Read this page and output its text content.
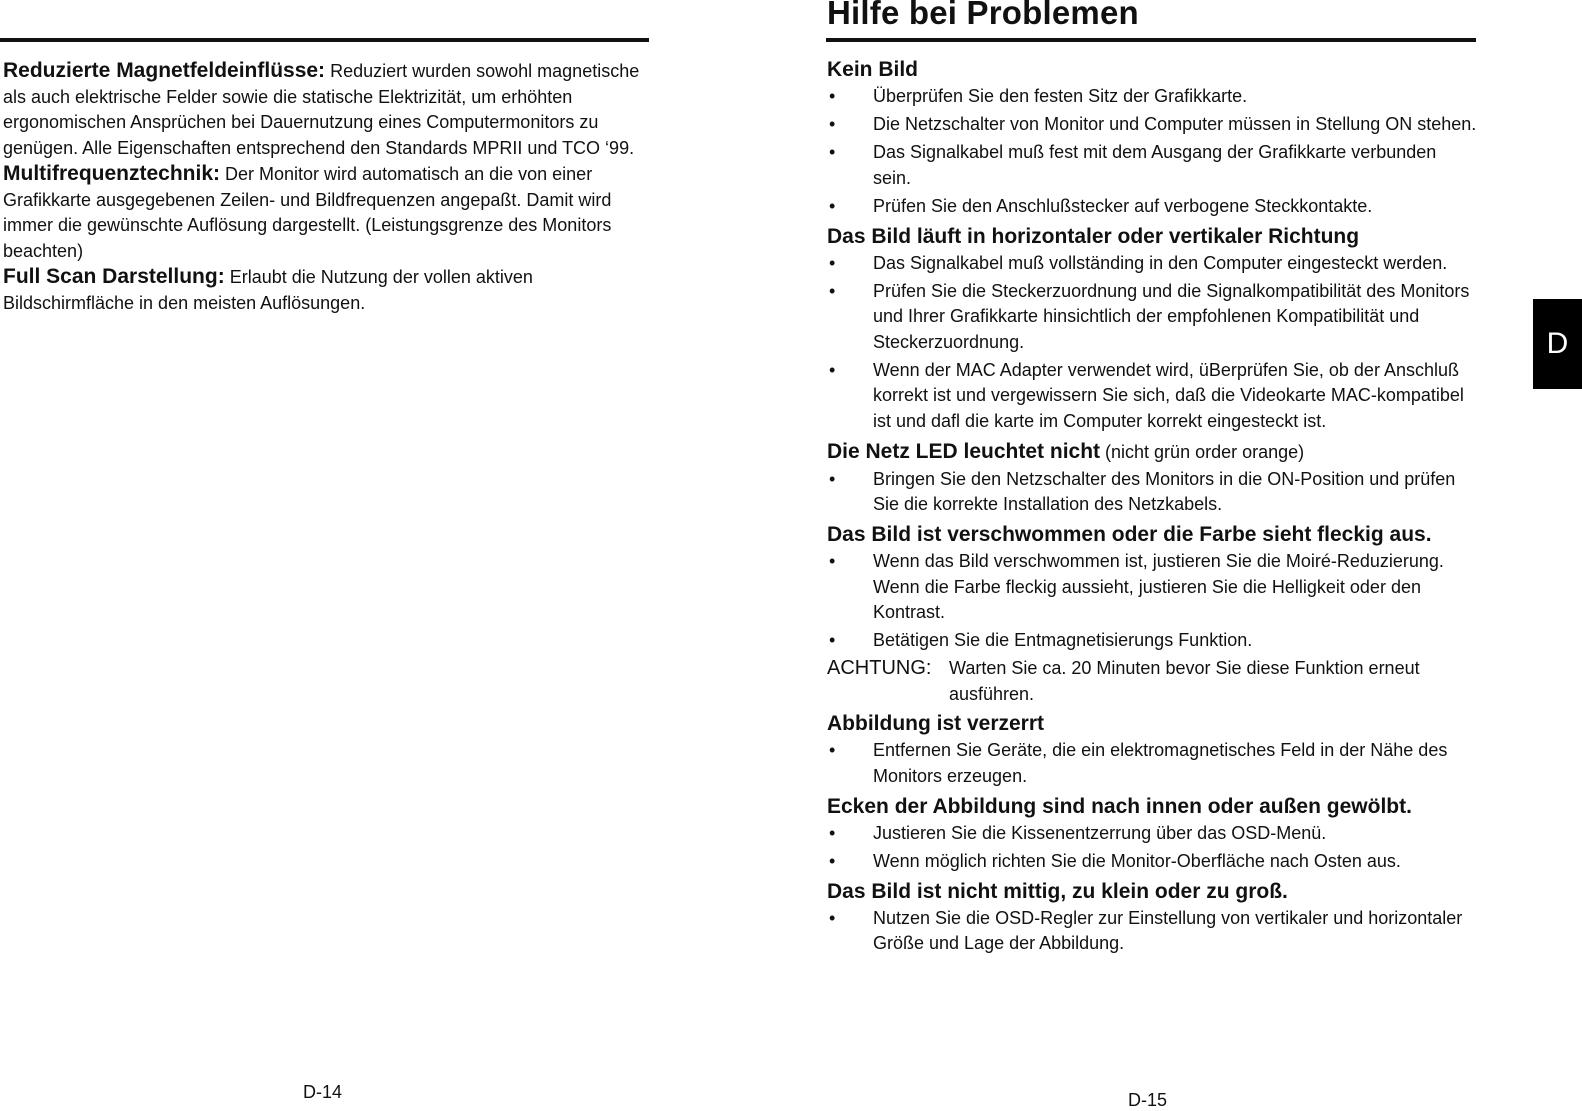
Reduzierte Magnetfeldeinflüsse: Reduziert wurden sowohl magnetische als auch elektrische Felder sowie die statische Elektrizität, um erhöhten ergonomischen Ansprüchen bei Dauernutzung eines Computermonitors zu genügen. Alle Eigenschaften entsprechend den Standards MPRII und TCO ‘99.

Multifrequenztechnik: Der Monitor wird automatisch an die von einer Grafikkarte ausgegebenen Zeilen- und Bildfrequenzen angepaßt. Damit wird immer die gewünschte Auflösung dargestellt. (Leistungsgrenze des Monitors beachten)

Full Scan Darstellung: Erlaubt die Nutzung der vollen aktiven Bildschirmfläche in den meisten Auflösungen.

D-14
Hilfe bei Problemen

Kein Bild

• Überprüfen Sie den festen Sitz der Grafikkarte.
• Die Netzschalter von Monitor und Computer müssen in Stellung ON stehen.
• Das Signalkabel muß fest mit dem Ausgang der Grafikkarte verbunden sein.
• Prüfen Sie den Anschlußstecker auf verbogene Steckkontakte.

Das Bild läuft in horizontaler oder vertikaler Richtung

• Das Signalkabel muß vollständing in den Computer eingesteckt werden.
• Prüfen Sie die Steckerzuordnung und die Signalkompatibilität des Monitors und Ihrer Grafikkarte hinsichtlich der empfohlenen Kompatibilität und Steckerzuordnung.
• Wenn der MAC Adapter verwendet wird, üBerprüfen Sie, ob der Anschluß korrekt ist und vergewissern Sie sich, daß die Videokarte MAC-kompatibel ist und dafl die karte im Computer korrekt eingesteckt ist.

Die Netz LED leuchtet nicht (nicht grün order orange)

• Bringen Sie den Netzschalter des Monitors in die ON-Position und prüfen Sie die korrekte Installation des Netzkabels.

Das Bild ist verschwommen oder die Farbe sieht fleckig aus.

• Wenn das Bild verschwommen ist, justieren Sie die Moiré-Reduzierung. Wenn die Farbe fleckig aussieht, justieren Sie die Helligkeit oder den Kontrast.
• Betätigen Sie die Entmagnetisierungs Funktion.

ACHTUNG: Warten Sie ca. 20 Minuten bevor Sie diese Funktion erneut ausführen.

Abbildung ist verzerrt

• Entfernen Sie Geräte, die ein elektromagnetisches Feld in der Nähe des Monitors erzeugen.

Ecken der Abbildung sind nach innen oder außen gewölbt.

• Justieren Sie die Kissenentzerrung über das OSD-Menü.
• Wenn möglich richten Sie die Monitor-Oberfläche nach Osten aus.

Das Bild ist nicht mittig, zu klein oder zu groß.

• Nutzen Sie die OSD-Regler zur Einstellung von vertikaler und horizontaler Größe und Lage der Abbildung.
D-15
D
